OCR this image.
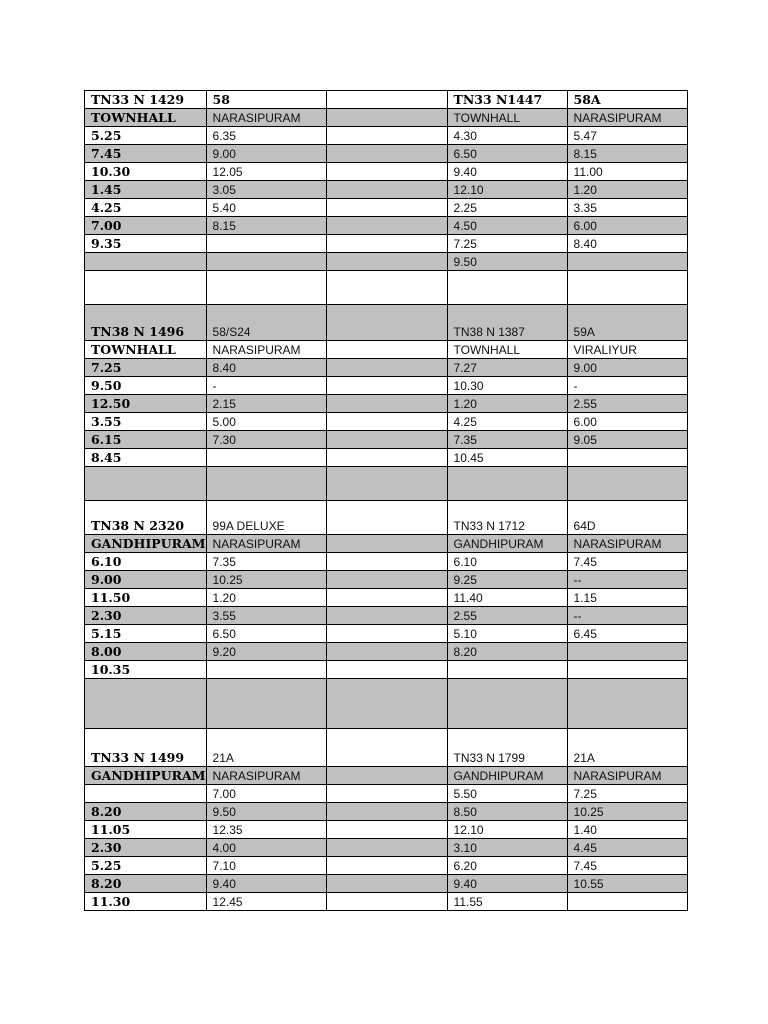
TN33 N 1429	58		TN33 N1447	58A
TOWNHALL	NARASIPURAM		TOWNHALL	NARASIPURAM
5.25	6.35		4.30	5.47
7.45	9.00		6.50	8.15
10.30	12.05		9.40	11.00
1.45	3.05		12.10	1.20
4.25	5.40		2.25	3.35
7.00	8.15		4.50	6.00
9.35			7.25	8.40
			9.50	

TN38 N 1496	58/S24		TN38 N 1387	59A
TOWNHALL	NARASIPURAM		TOWNHALL	VIRALIYUR
7.25	8.40		7.27	9.00
9.50	-		10.30	-
12.50	2.15		1.20	2.55
3.55	5.00		4.25	6.00
6.15	7.30		7.35	9.05
8.45			10.45	

TN38 N 2320	99A DELUXE		TN33 N 1712	64D
GANDHIPURAM	NARASIPURAM		GANDHIPURAM	NARASIPURAM
6.10	7.35		6.10	7.45
9.00	10.25		9.25	--
11.50	1.20		11.40	1.15
2.30	3.55		2.55	--
5.15	6.50		5.10	6.45
8.00	9.20		8.20	
10.35				

TN33 N 1499	21A		TN33 N 1799	21A
GANDHIPURAM	NARASIPURAM		GANDHIPURAM	NARASIPURAM
	7.00		5.50	7.25
8.20	9.50		8.50	10.25
11.05	12.35		12.10	1.40
2.30	4.00		3.10	4.45
5.25	7.10		6.20	7.45
8.20	9.40		9.40	10.55
11.30	12.45		11.55	
